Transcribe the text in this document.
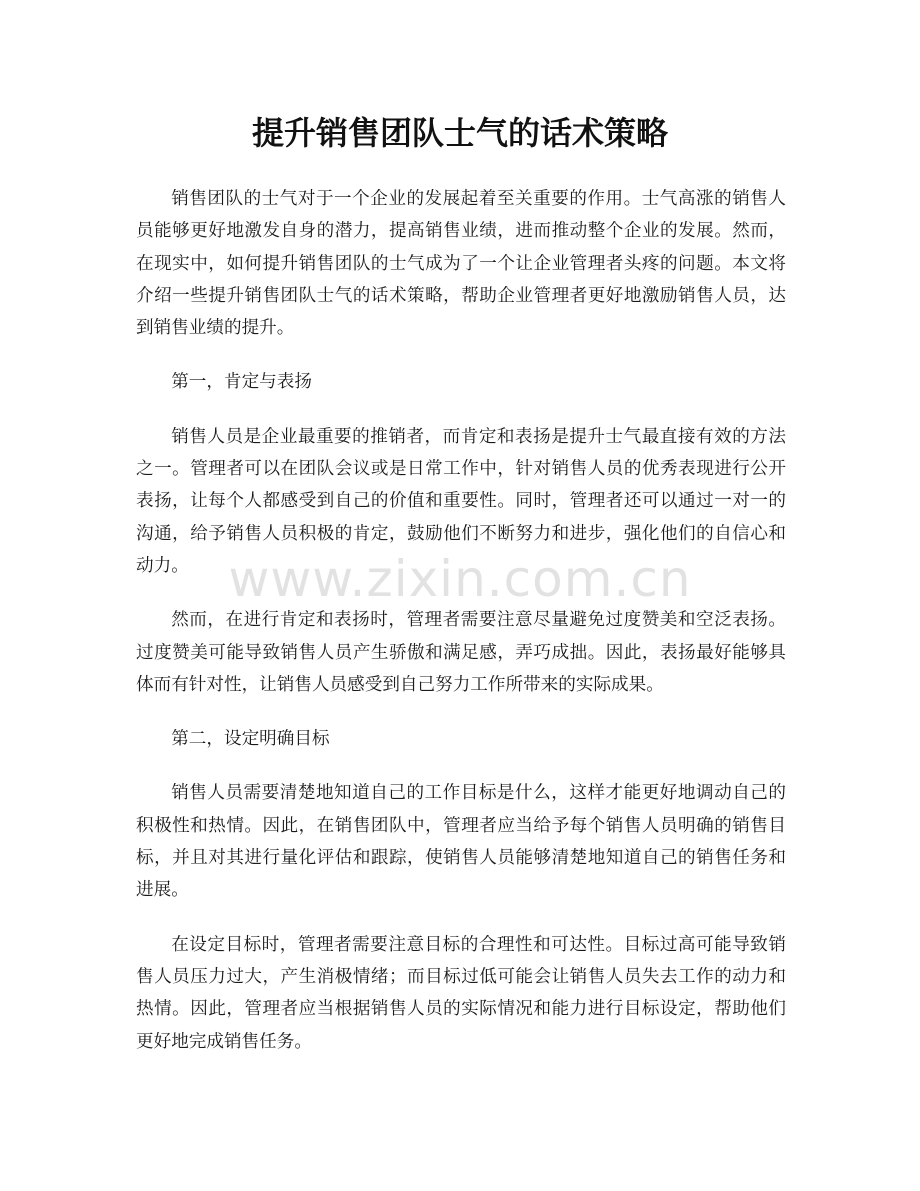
提升销售团队士气的话术策略

销售团队的士气对于一个企业的发展起着至关重要的作用。士气高涨的销售人员能够更好地激发自身的潜力，提高销售业绩，进而推动整个企业的发展。然而，在现实中，如何提升销售团队的士气成为了一个让企业管理者头疼的问题。本文将介绍一些提升销售团队士气的话术策略，帮助企业管理者更好地激励销售人员，达到销售业绩的提升。

第一，肯定与表扬

销售人员是企业最重要的推销者，而肯定和表扬是提升士气最直接有效的方法之一。管理者可以在团队会议或是日常工作中，针对销售人员的优秀表现进行公开表扬，让每个人都感受到自己的价值和重要性。同时，管理者还可以通过一对一的沟通，给予销售人员积极的肯定，鼓励他们不断努力和进步，强化他们的自信心和动力。

然而，在进行肯定和表扬时，管理者需要注意尽量避免过度赞美和空泛表扬。过度赞美可能导致销售人员产生骄傲和满足感，弄巧成拙。因此，表扬最好能够具体而有针对性，让销售人员感受到自己努力工作所带来的实际成果。

第二，设定明确目标

销售人员需要清楚地知道自己的工作目标是什么，这样才能更好地调动自己的积极性和热情。因此，在销售团队中，管理者应当给予每个销售人员明确的销售目标，并且对其进行量化评估和跟踪，使销售人员能够清楚地知道自己的销售任务和进展。

在设定目标时，管理者需要注意目标的合理性和可达性。目标过高可能导致销售人员压力过大，产生消极情绪；而目标过低可能会让销售人员失去工作的动力和热情。因此，管理者应当根据销售人员的实际情况和能力进行目标设定，帮助他们更好地完成销售任务。

www.zixin.com.cn
